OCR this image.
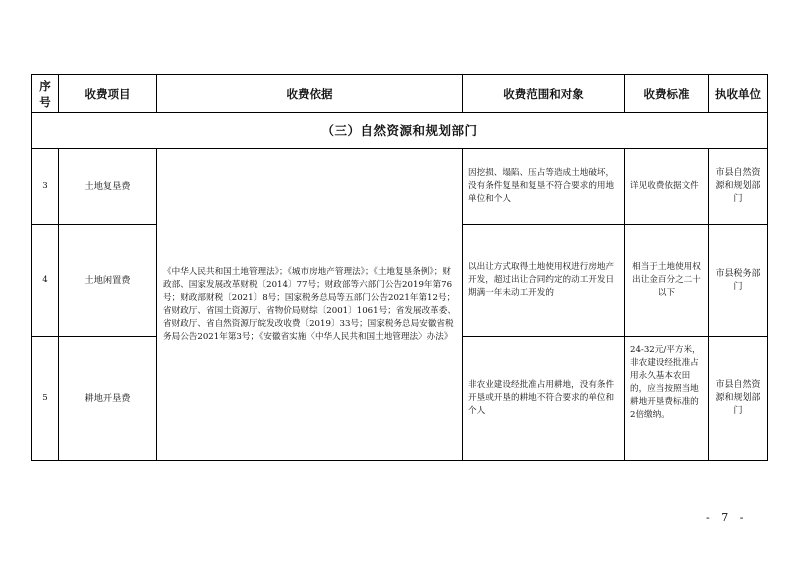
序号	收费项目	收费依据	收费范围和对象	收费标准	执收单位
（三）自然资源和规划部门					
3	土地复垦费	《中华人民共和国土地管理法》；《城市房地产管理法》；《土地复垦条例》；财政部、国家发展改革财税〔2014〕77号；财政部等六部门公告2019年第76号；财政部财税〔2021〕8号；国家税务总局等五部门公告2021年第12号；省财政厅、省国土资源厅、省物价局财综〔2001〕1061号；省发展改革委、省财政厅、省自然资源厅皖发改收费〔2019〕33号；国家税务总局安徽省税务局公告2021年第3号；《安徽省实施〈中华人民共和国土地管理法〉办法》	因挖损、塌陷、压占等造成土地破坏，没有条件复垦和复垦不符合要求的用地单位和个人	详见收费依据文件	市县自然资源和规划部门
4	土地闲置费		以出让方式取得土地使用权进行房地产开发，超过出让合同约定的动工开发日期满一年未动工开发的	相当于土地使用权出让金百分之二十以下	市县税务部门
5	耕地开垦费		非农业建设经批准占用耕地，没有条件开垦或开垦的耕地不符合要求的单位和个人	24-32元/平方米，非农建设经批准占用永久基本农田的，应当按照当地耕地开垦费标准的 2倍缴纳。	市县自然资源和规划部门
- 7 -
